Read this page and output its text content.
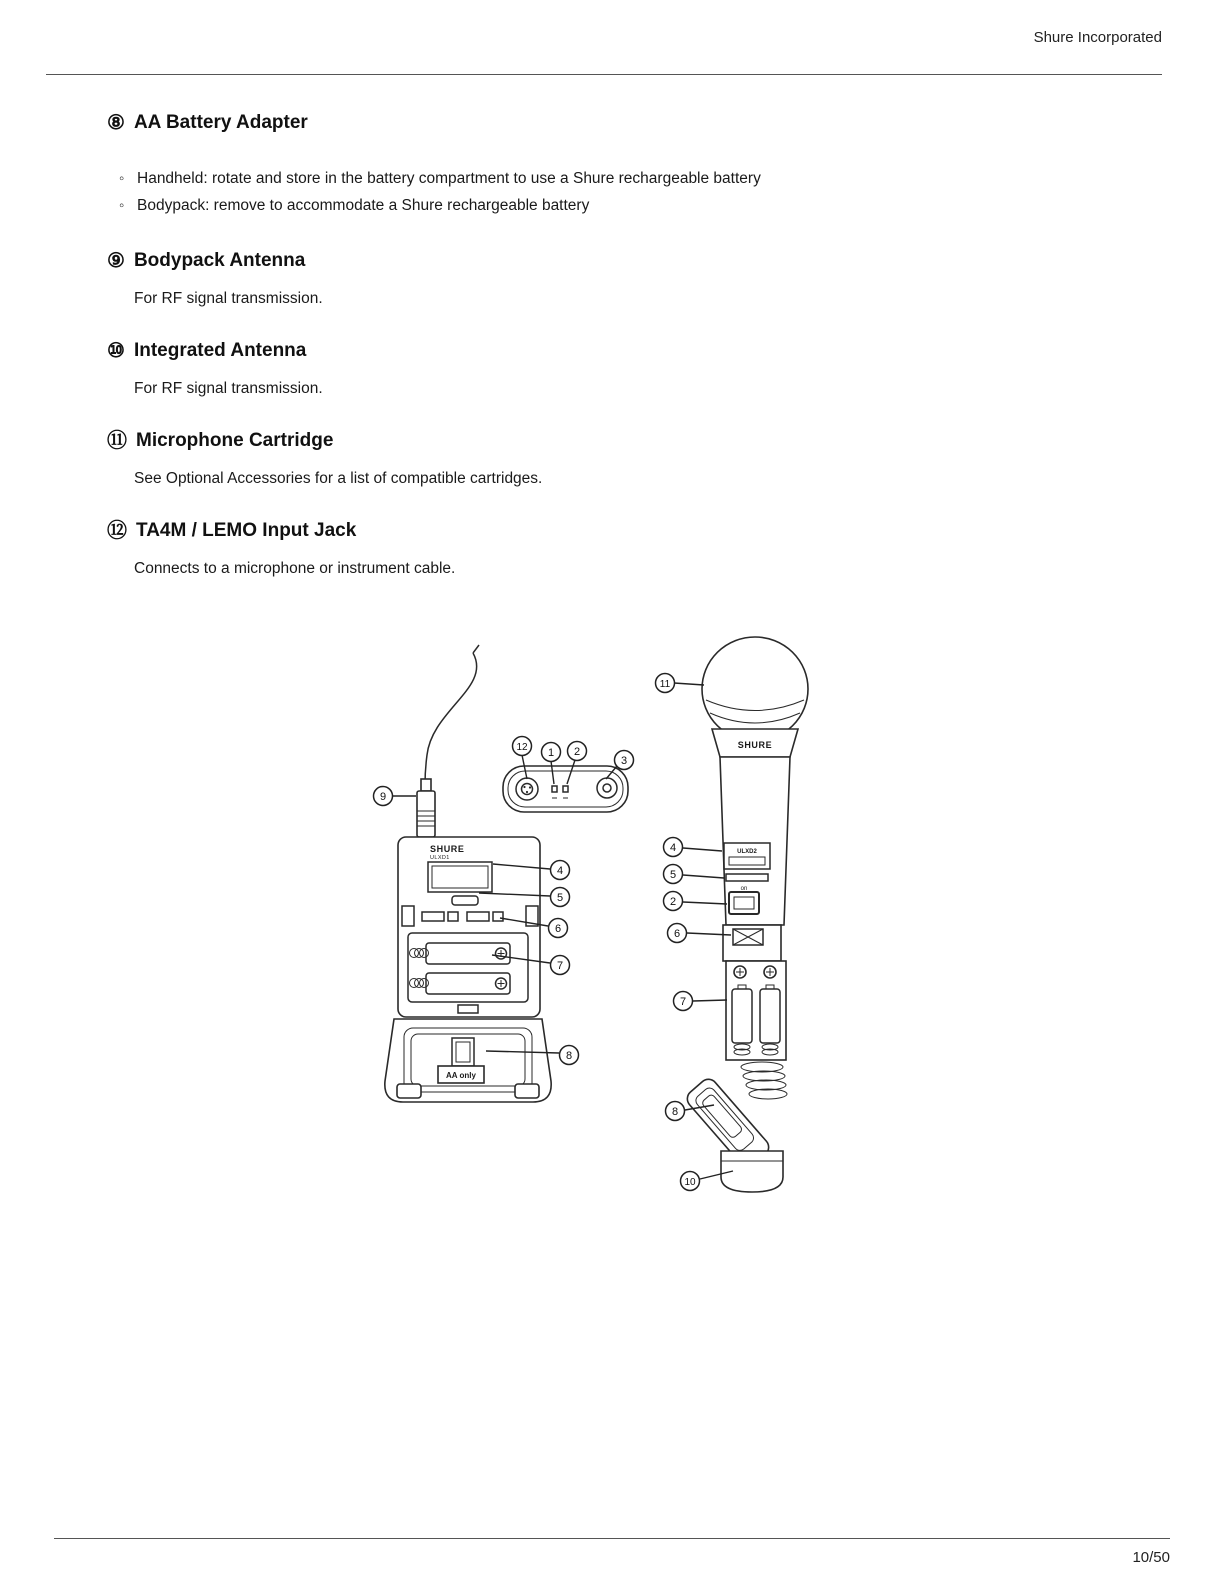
Shure Incorporated
⑧ AA Battery Adapter
◦ Handheld: rotate and store in the battery compartment to use a Shure rechargeable battery
◦ Bodypack: remove to accommodate a Shure rechargeable battery
⑨ Bodypack Antenna

For RF signal transmission.

⑩ Integrated Antenna

For RF signal transmission.

⑪ Microphone Cartridge

See Optional Accessories for a list of compatible cartridges.

⑫ TA4M / LEMO Input Jack

Connects to a microphone or instrument cable.

SHURE
ULXD1
AA only
SHURE
ULXD2
on
11
12 1 2
3
9
4
5
6
7
8
4
5
2
6
7
8
10
10/50
